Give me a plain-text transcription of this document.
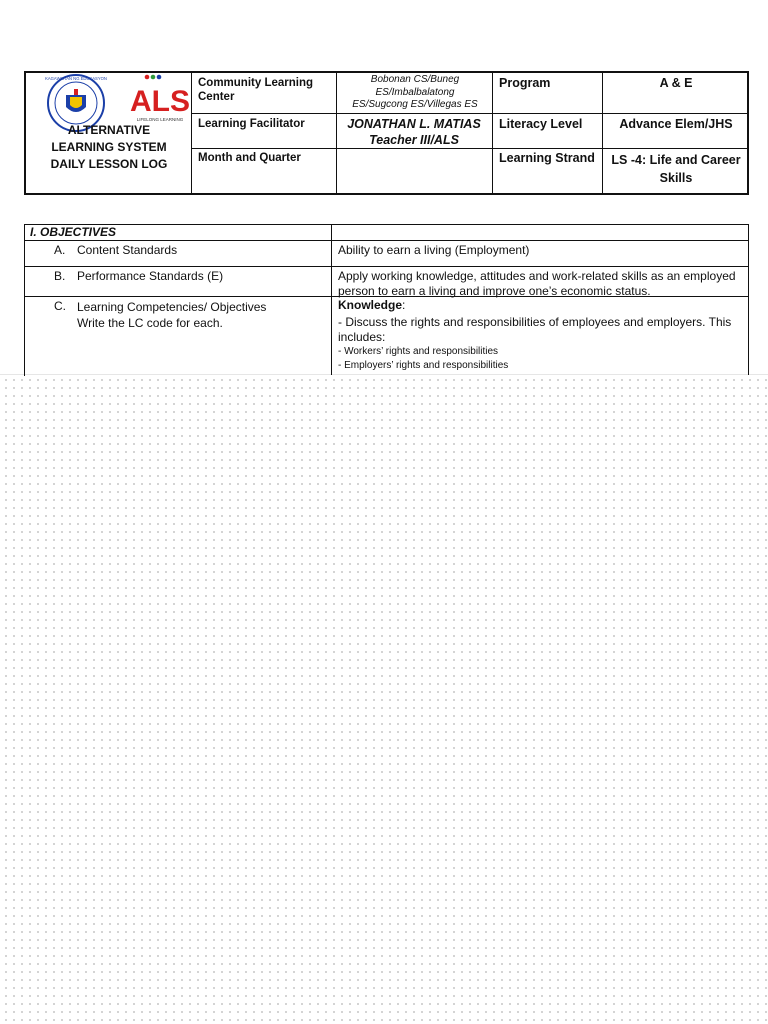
KAGAWARAN NG EDUKASYON
ALS
LIFELONG LEARNING
ALTERNATIVE
LEARNING SYSTEM
DAILY LESSON LOG
Community Learning Center
Learning Facilitator
Month and Quarter
Bobonan CS/Buneg ES/Imbalbalatong ES/Sugcong ES/Villegas ES
JONATHAN L. MATIAS
Teacher III/ALS
Program
Literacy Level
Learning Strand
A & E
Advance Elem/JHS
LS -4: Life and Career Skills
I. OBJECTIVES
A. Content Standards	Ability to earn a living (Employment)
B. Performance Standards (E)	Apply working knowledge, attitudes and work-related skills as an employed person to earn a living and improve one’s economic status.
C. Learning Competencies/ Objectives
Write the LC code for each.
Knowledge:
- Discuss the rights and responsibilities of employees and employers. This includes:
- Workers’ rights and responsibilities
- Employers’ rights and responsibilities
